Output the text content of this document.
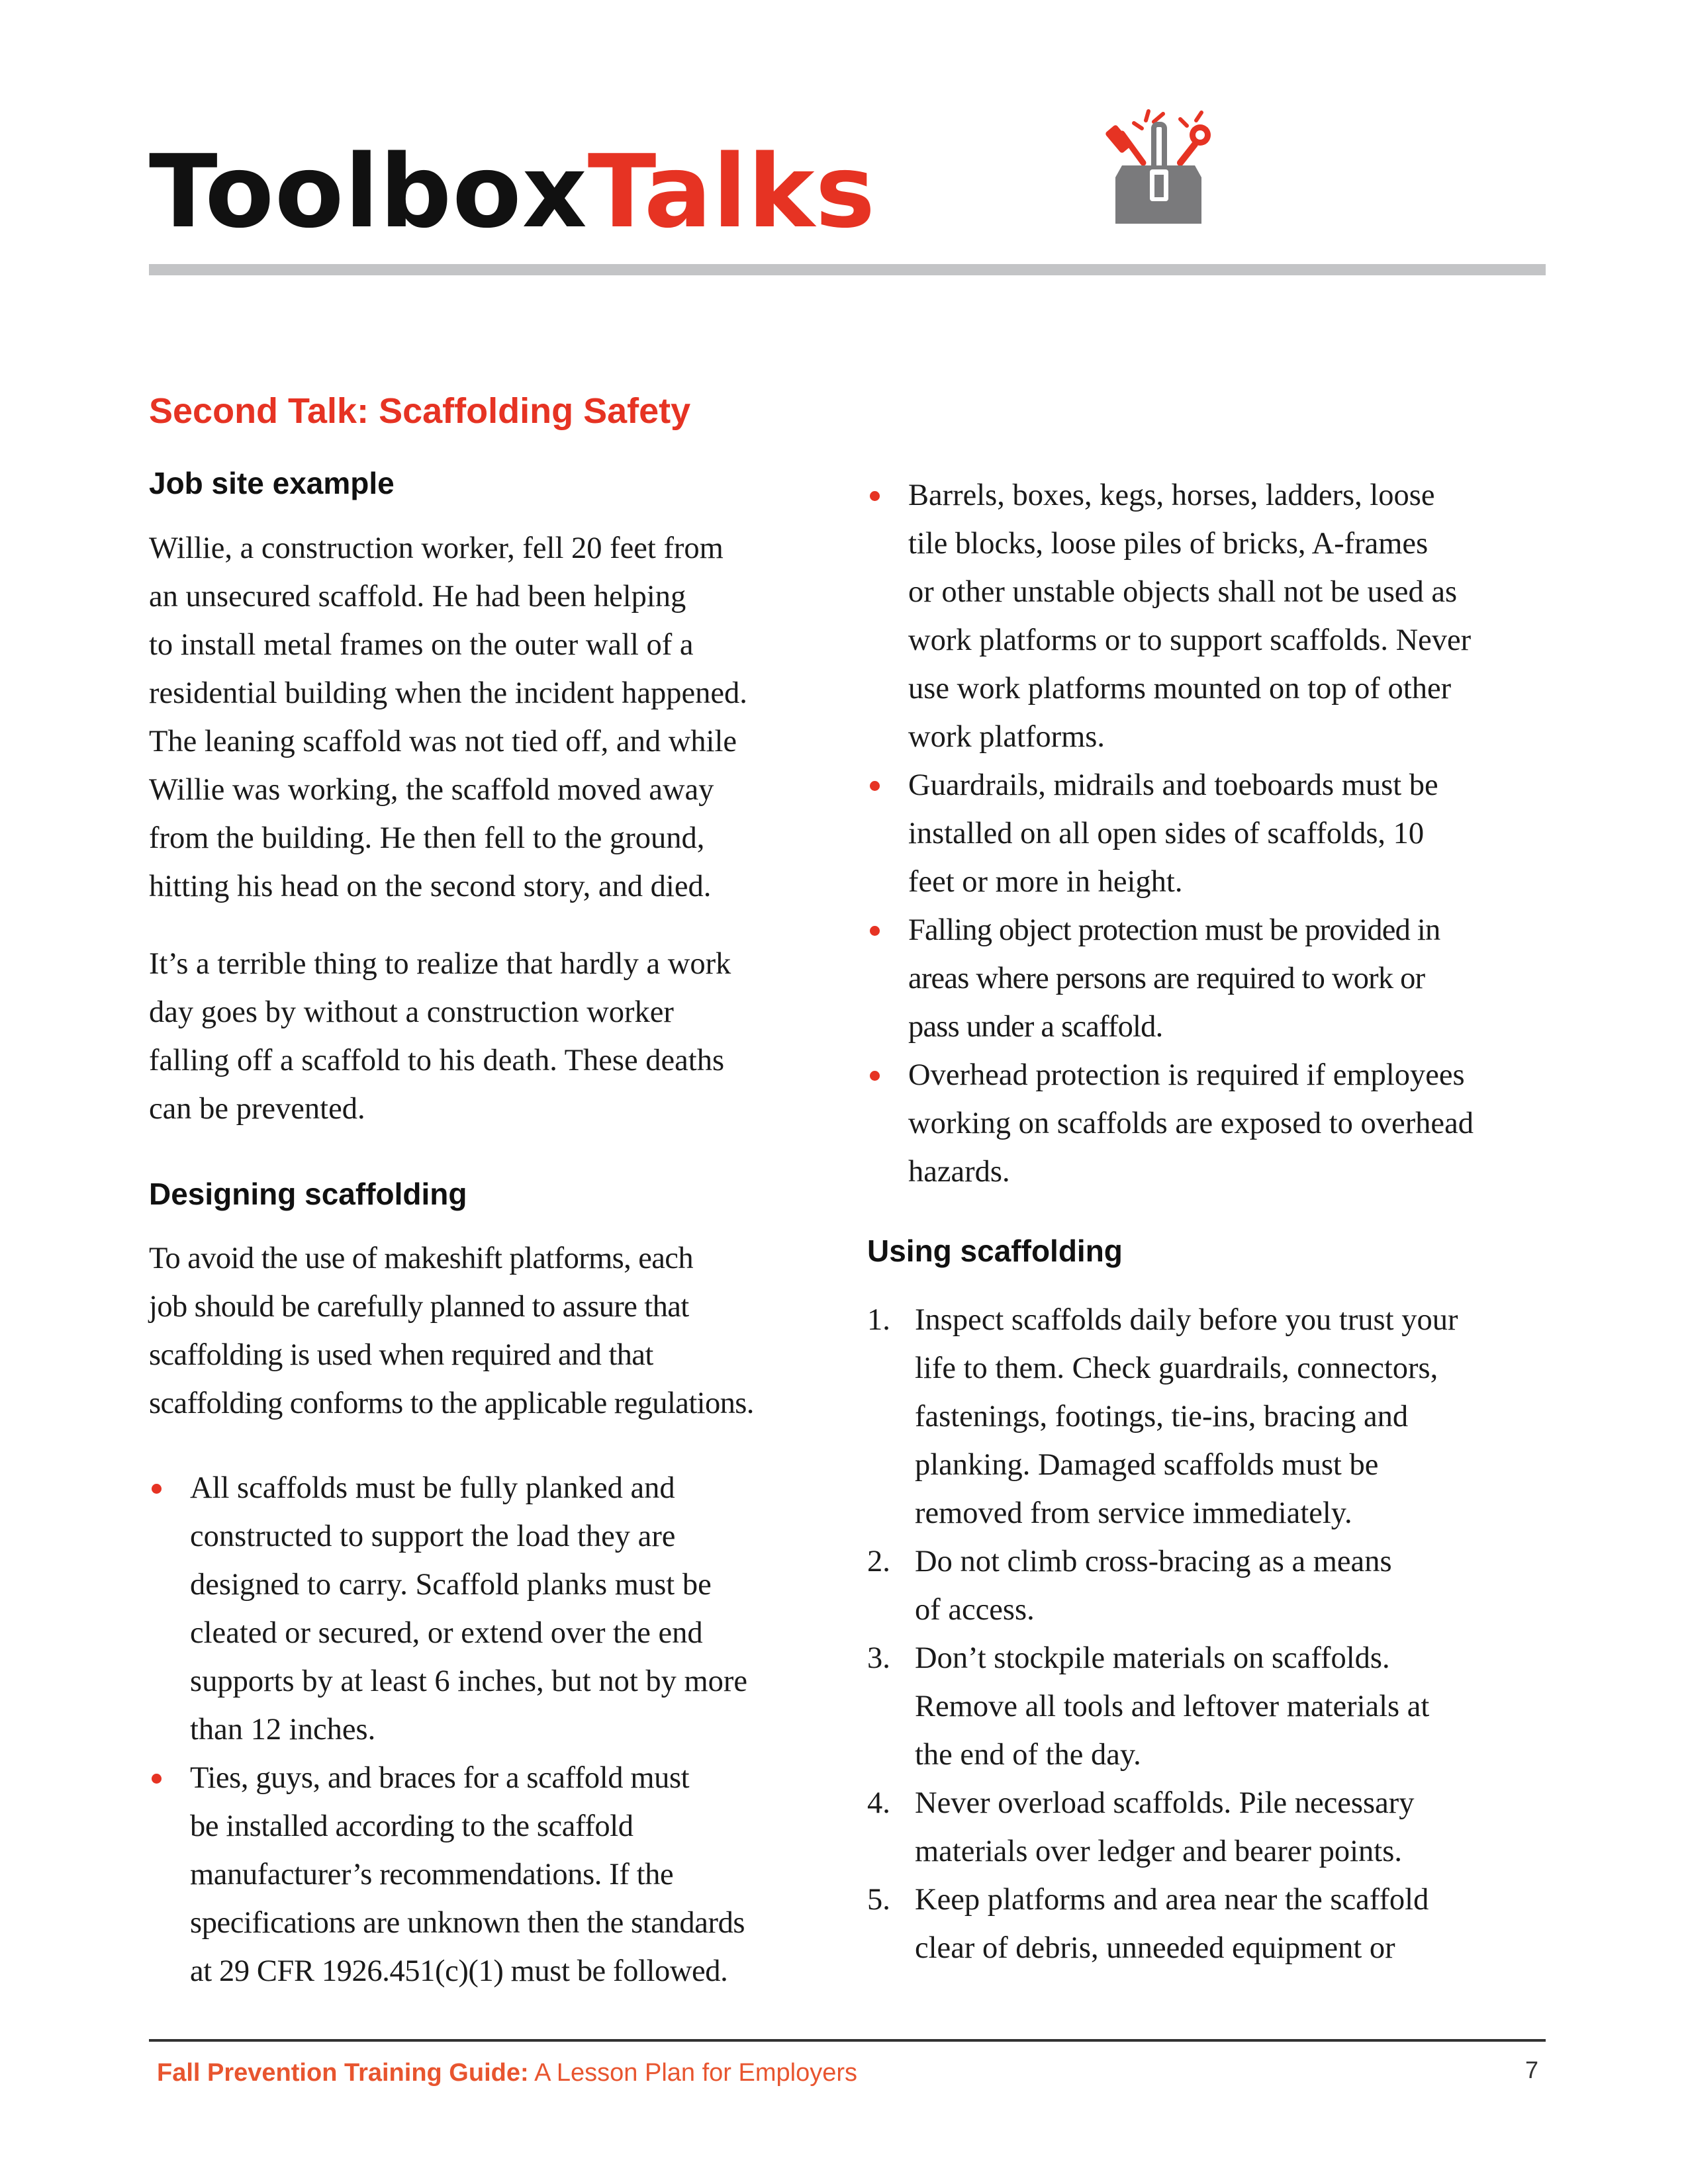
ToolboxTalks
Second Talk: Scaffolding Safety
Job site example

Willie, a construction worker, fell 20 feet from
an unsecured scaffold. He had been helping
to install metal frames on the outer wall of a
residential building when the incident happened.
The leaning scaffold was not tied off, and while
Willie was working, the scaffold moved away
from the building. He then fell to the ground,
hitting his head on the second story, and died.

It’s a terrible thing to realize that hardly a work
day goes by without a construction worker
falling off a scaffold to his death. These deaths
can be prevented.

Designing scaffolding

To avoid the use of makeshift platforms, each
job should be carefully planned to assure that
scaffolding is used when required and that
scaffolding conforms to the applicable regulations.

All scaffolds must be fully planked and
constructed to support the load they are
designed to carry. Scaffold planks must be
cleated or secured, or extend over the end
supports by at least 6 inches, but not by more
than 12 inches.
Ties, guys, and braces for a scaffold must
be installed according to the scaffold
manufacturer’s recommendations. If the
specifications are unknown then the standards
at 29 CFR 1926.451(c)(1) must be followed.
Barrels, boxes, kegs, horses, ladders, loose
tile blocks, loose piles of bricks, A-frames
or other unstable objects shall not be used as
work platforms or to support scaffolds. Never
use work platforms mounted on top of other
work platforms.
Guardrails, midrails and toeboards must be
installed on all open sides of scaffolds, 10
feet or more in height.
Falling object protection must be provided in
areas where persons are required to work or
pass under a scaffold.
Overhead protection is required if employees
working on scaffolds are exposed to overhead
hazards.
Using scaffolding
1. Inspect scaffolds daily before you trust your
life to them. Check guardrails, connectors,
fastenings, footings, tie-ins, bracing and
planking. Damaged scaffolds must be
removed from service immediately.
2. Do not climb cross-bracing as a means
of access.
3. Don’t stockpile materials on scaffolds.
Remove all tools and leftover materials at
the end of the day.
4. Never overload scaffolds. Pile necessary
materials over ledger and bearer points.
5. Keep platforms and area near the scaffold
clear of debris, unneeded equipment or
Fall Prevention Training Guide: A Lesson Plan for Employers	7
